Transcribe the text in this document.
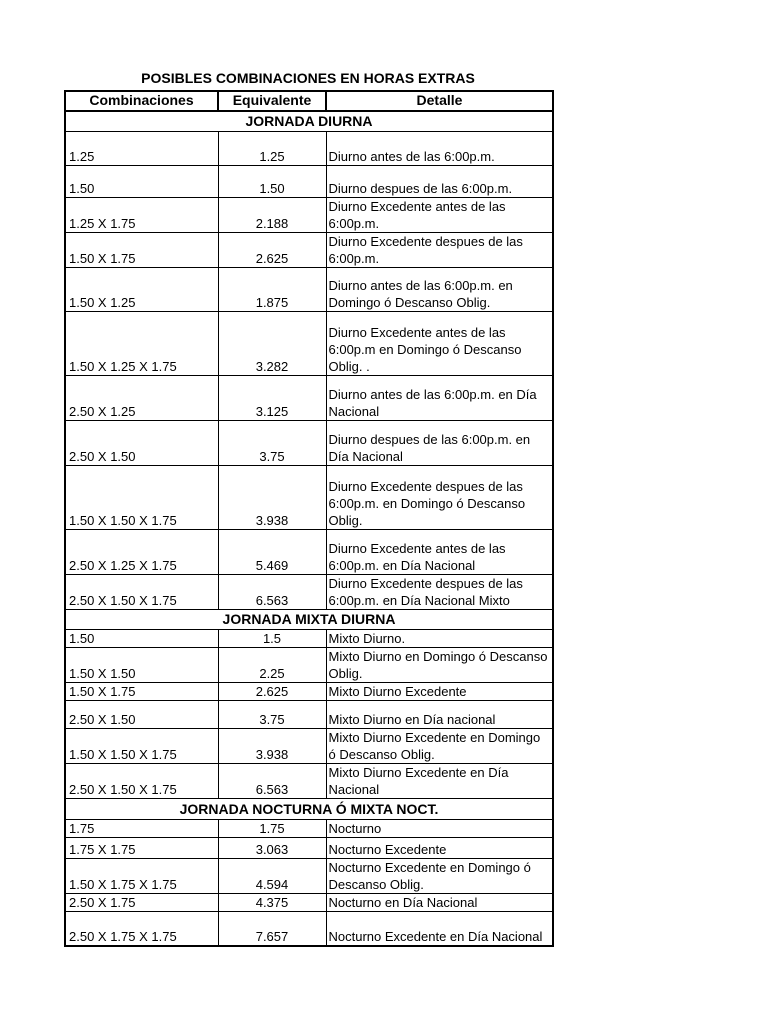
POSIBLES COMBINACIONES EN HORAS EXTRAS
Combinaciones	Equivalente	Detalle
JORNADA DIURNA		
1.25	1.25	Diurno antes de las 6:00p.m.
1.50	1.50	Diurno despues de las 6:00p.m.
1.25 X 1.75	2.188	Diurno Excedente antes de las 6:00p.m.
1.50 X 1.75	2.625	Diurno Excedente despues de las 6:00p.m.
1.50 X 1.25	1.875	Diurno antes de las 6:00p.m. en Domingo ó Descanso Oblig.
1.50 X 1.25 X 1.75	3.282	Diurno Excedente antes de las 6:00p.m en Domingo ó Descanso Oblig. .
2.50 X 1.25	3.125	Diurno antes de las 6:00p.m. en Día Nacional
2.50 X 1.50	3.75	Diurno despues de las 6:00p.m. en Día Nacional
1.50 X 1.50 X 1.75	3.938	Diurno Excedente despues de las 6:00p.m. en Domingo ó Descanso Oblig.
2.50 X 1.25 X 1.75	5.469	Diurno Excedente antes de las 6:00p.m. en Día Nacional
2.50 X 1.50 X 1.75	6.563	Diurno Excedente despues de las 6:00p.m. en Día Nacional Mixto
JORNADA MIXTA DIURNA		
1.50	1.5	Mixto Diurno.
1.50 X 1.50	2.25	Mixto Diurno en Domingo ó Descanso Oblig.
1.50 X 1.75	2.625	Mixto Diurno Excedente
2.50 X 1.50	3.75	Mixto Diurno en Día nacional
1.50 X 1.50 X 1.75	3.938	Mixto Diurno Excedente en Domingo ó Descanso Oblig.
2.50 X 1.50 X 1.75	6.563	Mixto Diurno Excedente en Día Nacional
JORNADA NOCTURNA Ó MIXTA NOCT.		
1.75	1.75	Nocturno
1.75 X 1.75	3.063	Nocturno Excedente
1.50 X 1.75 X 1.75	4.594	Nocturno Excedente en Domingo ó Descanso Oblig.
2.50 X 1.75	4.375	Nocturno en Día Nacional
2.50 X 1.75 X 1.75	7.657	Nocturno Excedente en Día Nacional
